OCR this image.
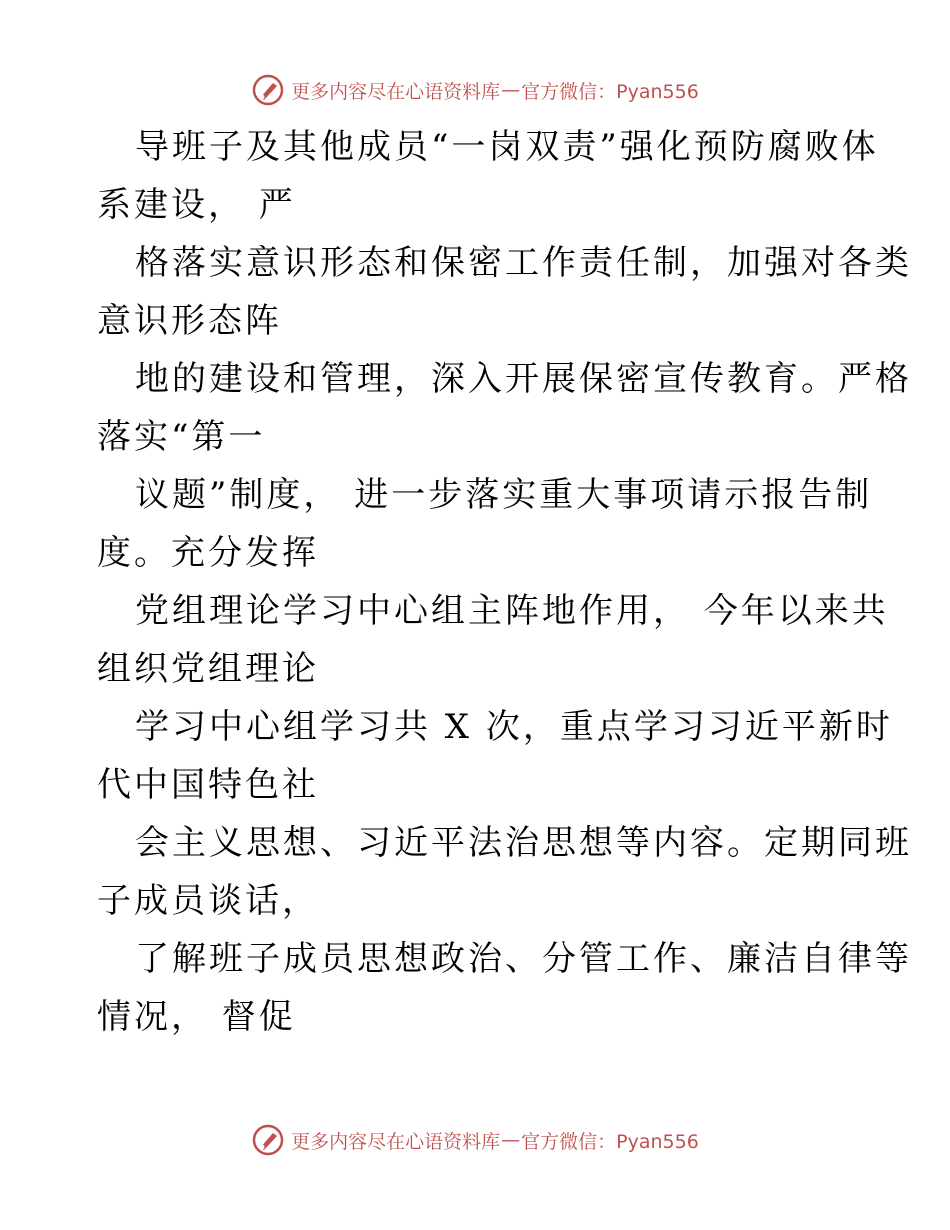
更多内容尽在心语资料库 — 官方微信：Pyan556
导班子及其他成员“一岗双责”强化预防腐败体
系建设， 严
格落实意识形态和保密工作责任制，加强对各类
意识形态阵
地的建设和管理，深入开展保密宣传教育。严格
落实“第一
议题”制度， 进一步落实重大事项请示报告制
度。充分发挥
党组理论学习中心组主阵地作用， 今年以来共
组织党组理论
学习中心组学习共 X 次，重点学习习近平新时
代中国特色社
会主义思想、习近平法治思想等内容。定期同班
子成员谈话，
了解班子成员思想政治、分管工作、廉洁自律等
情况， 督促
更多内容尽在心语资料库 — 官方微信：Pyan556
